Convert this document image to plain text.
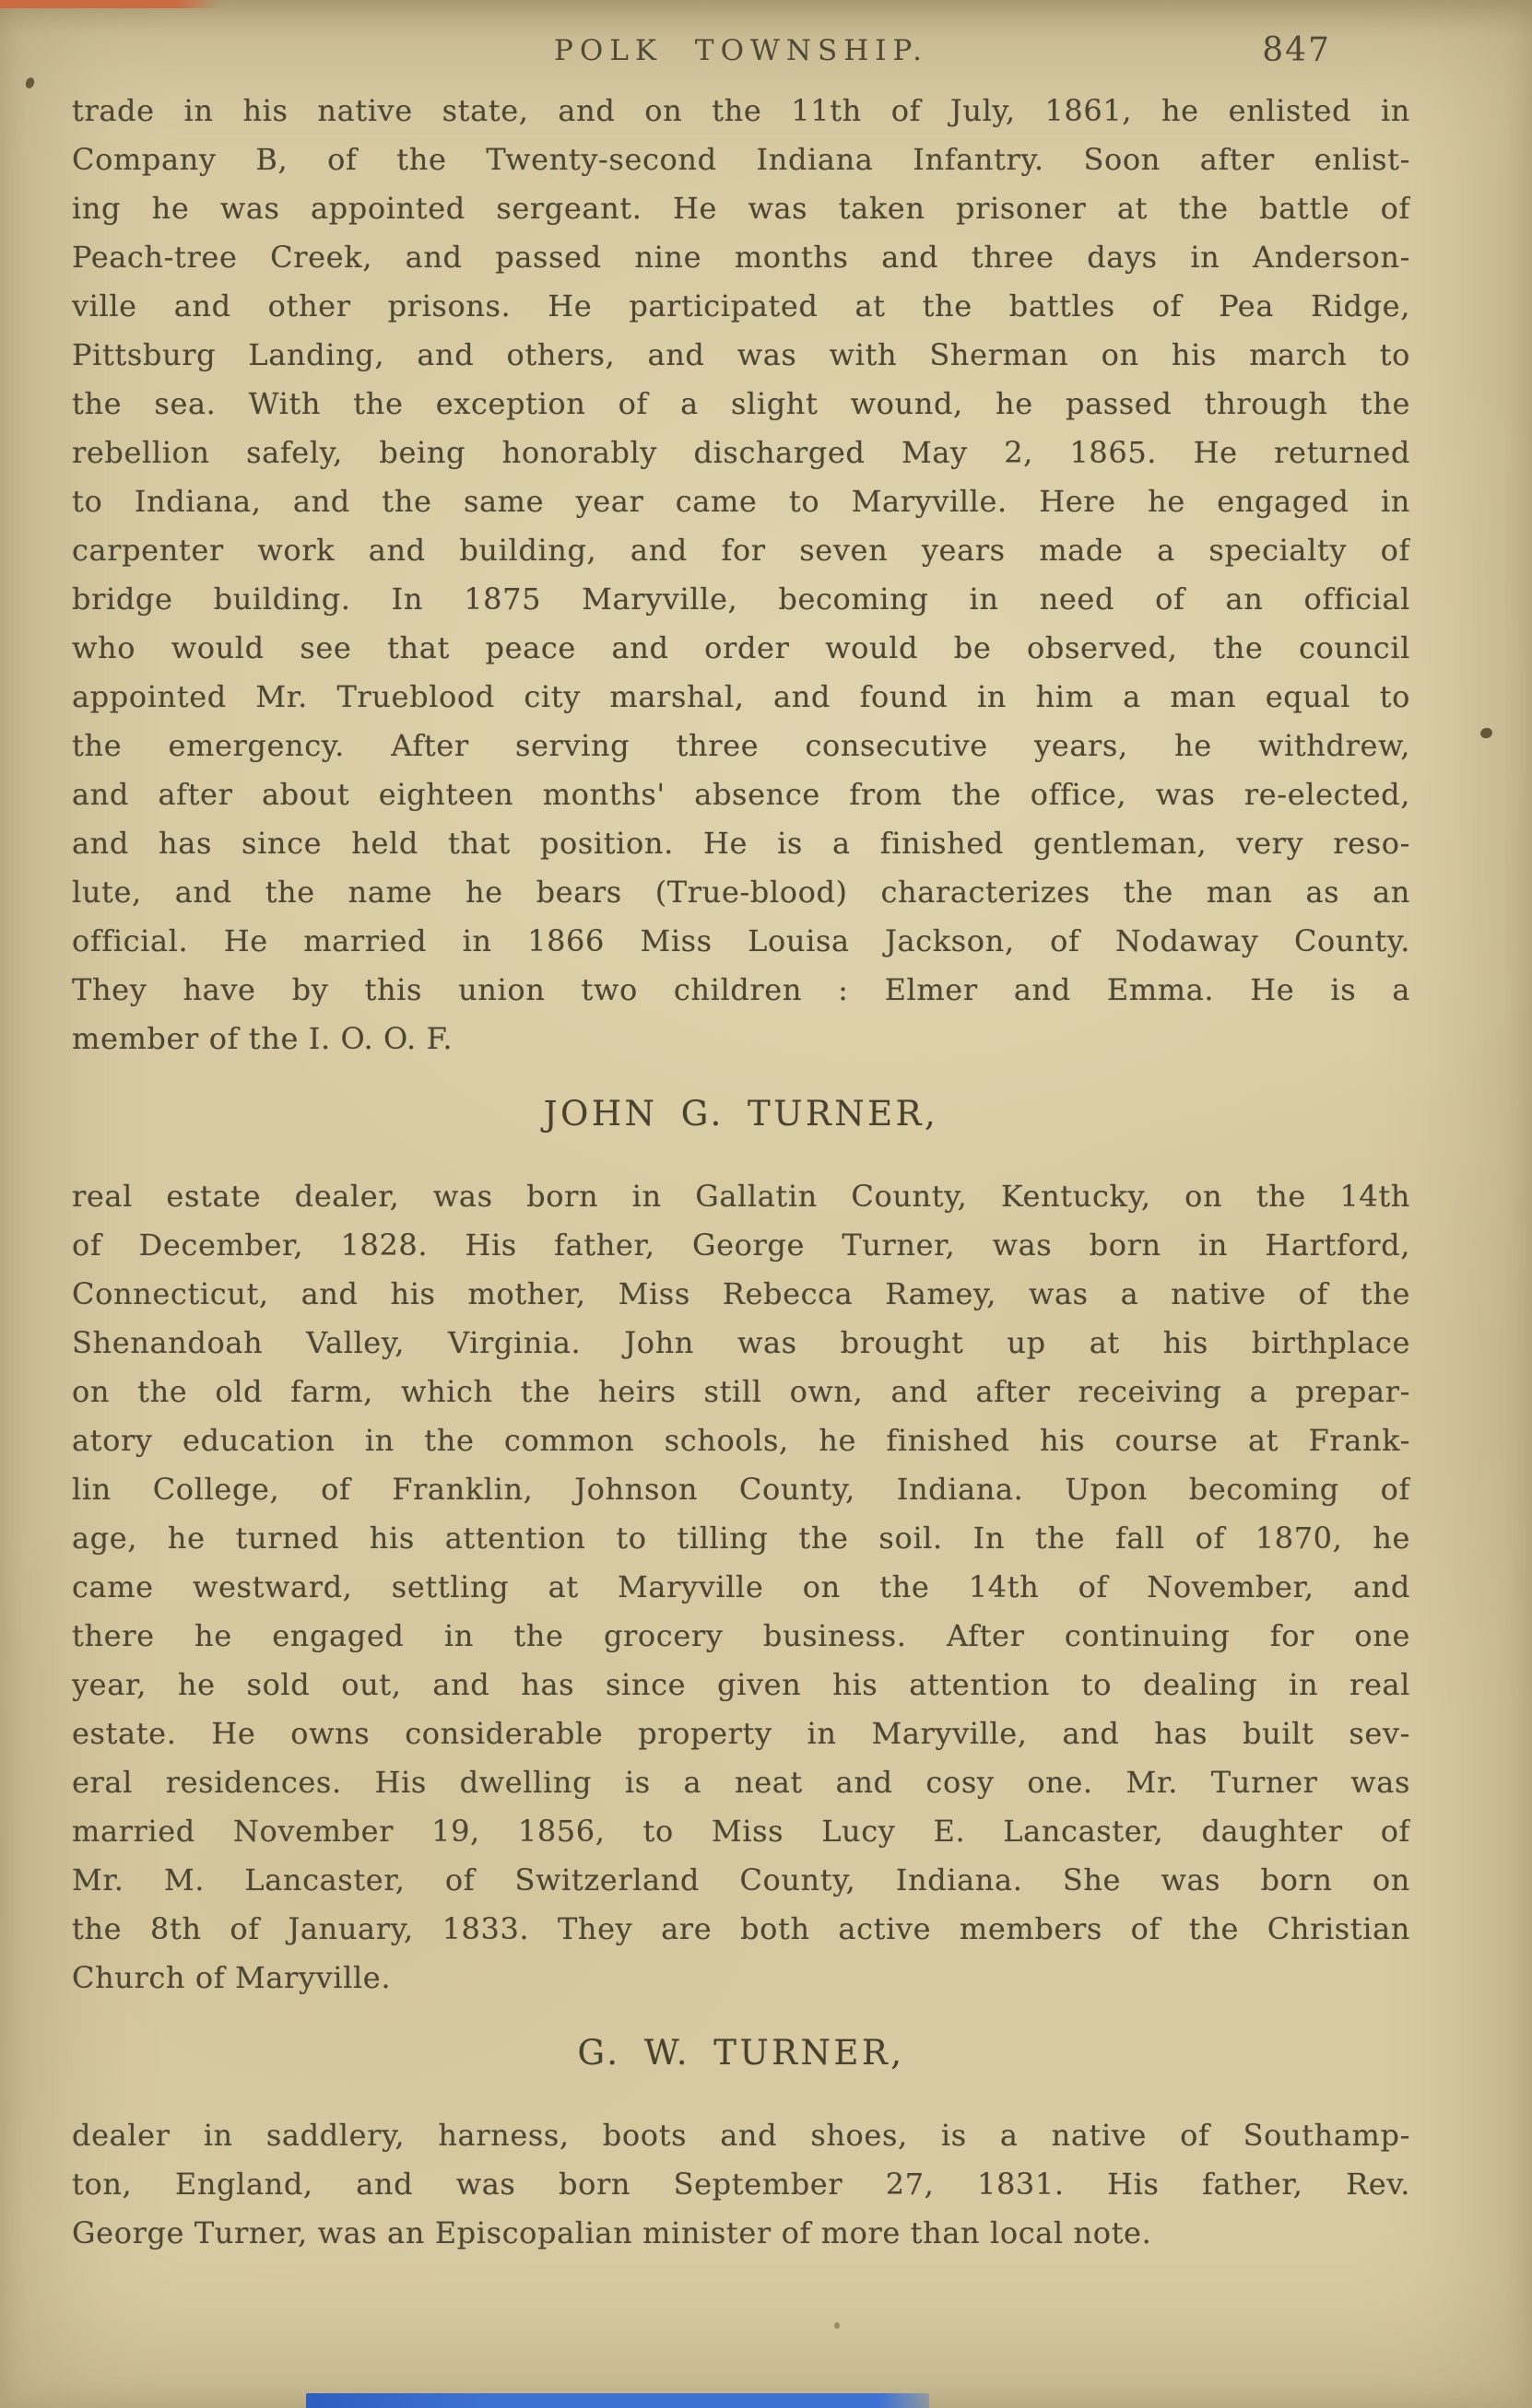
POLK TOWNSHIP.	847
trade in his native state, and on the 11th of July, 1861, he enlisted in
Company B, of the Twenty-second Indiana Infantry. Soon after enlist-
ing he was appointed sergeant. He was taken prisoner at the battle of
Peach-tree Creek, and passed nine months and three days in Anderson-
ville and other prisons. He participated at the battles of Pea Ridge,
Pittsburg Landing, and others, and was with Sherman on his march to
the sea. With the exception of a slight wound, he passed through the
rebellion safely, being honorably discharged May 2, 1865. He returned
to Indiana, and the same year came to Maryville. Here he engaged in
carpenter work and building, and for seven years made a specialty of
bridge building. In 1875 Maryville, becoming in need of an official
who would see that peace and order would be observed, the council
appointed Mr. Trueblood city marshal, and found in him a man equal to
the emergency. After serving three consecutive years, he withdrew,
and after about eighteen months' absence from the office, was re-elected,
and has since held that position. He is a finished gentleman, very reso-
lute, and the name he bears (True-blood) characterizes the man as an
official. He married in 1866 Miss Louisa Jackson, of Nodaway County.
They have by this union two children : Elmer and Emma. He is a
member of the I. O. O. F.
JOHN G. TURNER,
real estate dealer, was born in Gallatin County, Kentucky, on the 14th
of December, 1828. His father, George Turner, was born in Hartford,
Connecticut, and his mother, Miss Rebecca Ramey, was a native of the
Shenandoah Valley, Virginia. John was brought up at his birthplace
on the old farm, which the heirs still own, and after receiving a prepar-
atory education in the common schools, he finished his course at Frank-
lin College, of Franklin, Johnson County, Indiana. Upon becoming of
age, he turned his attention to tilling the soil. In the fall of 1870, he
came westward, settling at Maryville on the 14th of November, and
there he engaged in the grocery business. After continuing for one
year, he sold out, and has since given his attention to dealing in real
estate. He owns considerable property in Maryville, and has built sev-
eral residences. His dwelling is a neat and cosy one. Mr. Turner was
married November 19, 1856, to Miss Lucy E. Lancaster, daughter of
Mr. M. Lancaster, of Switzerland County, Indiana. She was born on
the 8th of January, 1833. They are both active members of the Christian
Church of Maryville.
G. W. TURNER,
dealer in saddlery, harness, boots and shoes, is a native of Southamp-
ton, England, and was born September 27, 1831. His father, Rev.
George Turner, was an Episcopalian minister of more than local note.
